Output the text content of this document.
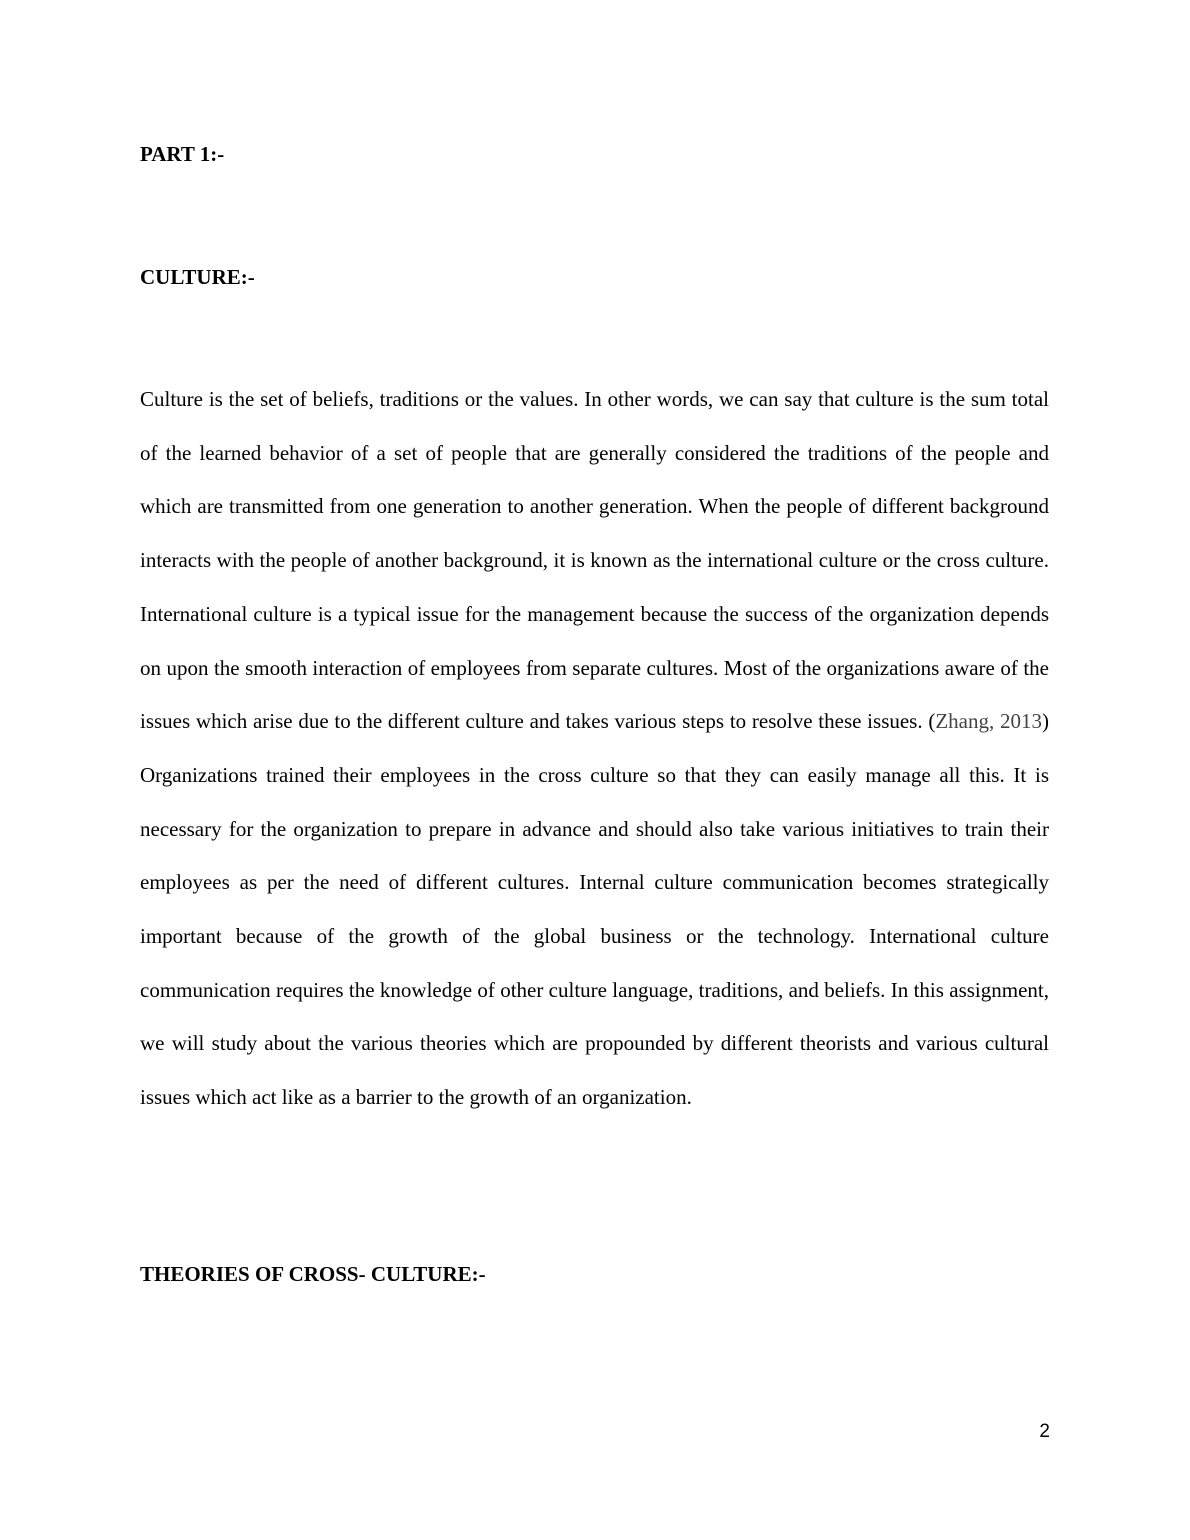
PART 1:-
CULTURE:-

Culture is the set of beliefs, traditions or the values. In other words, we can say that culture is the sum total of the learned behavior of a set of people that are generally considered the traditions of the people and which are transmitted from one generation to another generation. When the people of different background interacts with the people of another background, it is known as the international culture or the cross culture. International culture is a typical issue for the management because the success of the organization depends on upon the smooth interaction of employees from separate cultures. Most of the organizations aware of the issues which arise due to the different culture and takes various steps to resolve these issues. (Zhang, 2013) Organizations trained their employees in the cross culture so that they can easily manage all this. It is necessary for the organization to prepare in advance and should also take various initiatives to train their employees as per the need of different cultures. Internal culture communication becomes strategically important because of the growth of the global business or the technology. International culture communication requires the knowledge of other culture language, traditions, and beliefs. In this assignment, we will study about the various theories which are propounded by different theorists and various cultural issues which act like as a barrier to the growth of an organization.

THEORIES OF CROSS- CULTURE:-
2
